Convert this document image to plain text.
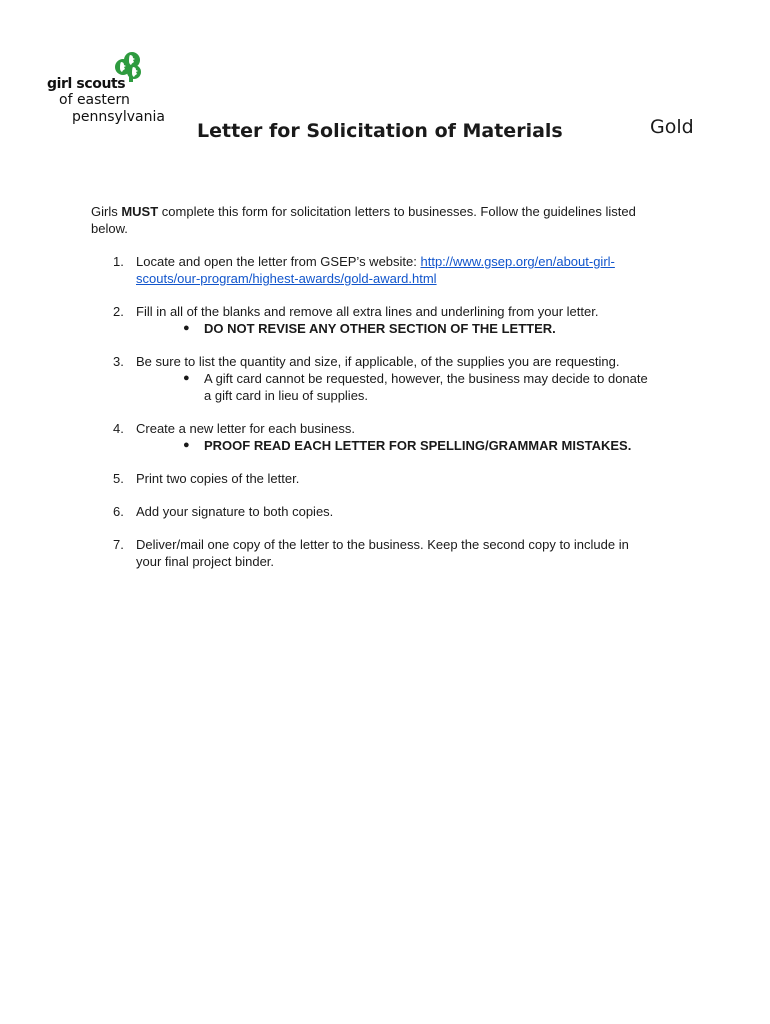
girl scouts
of eastern
pennsylvania
Letter for Solicitation of Materials	Gold
Girls MUST complete this form for solicitation letters to businesses. Follow the guidelines listed below.
1. Locate and open the letter from GSEP’s website: http://www.gsep.org/en/about-girl-scouts/our-program/highest-awards/gold-award.html
2. Fill in all of the blanks and remove all extra lines and underlining from your letter.
● DO NOT REVISE ANY OTHER SECTION OF THE LETTER.
3. Be sure to list the quantity and size, if applicable, of the supplies you are requesting.
● A gift card cannot be requested, however, the business may decide to donate a gift card in lieu of supplies.
4. Create a new letter for each business.
● PROOF READ EACH LETTER FOR SPELLING/GRAMMAR MISTAKES.
5. Print two copies of the letter.
6. Add your signature to both copies.
7. Deliver/mail one copy of the letter to the business. Keep the second copy to include in your final project binder.
